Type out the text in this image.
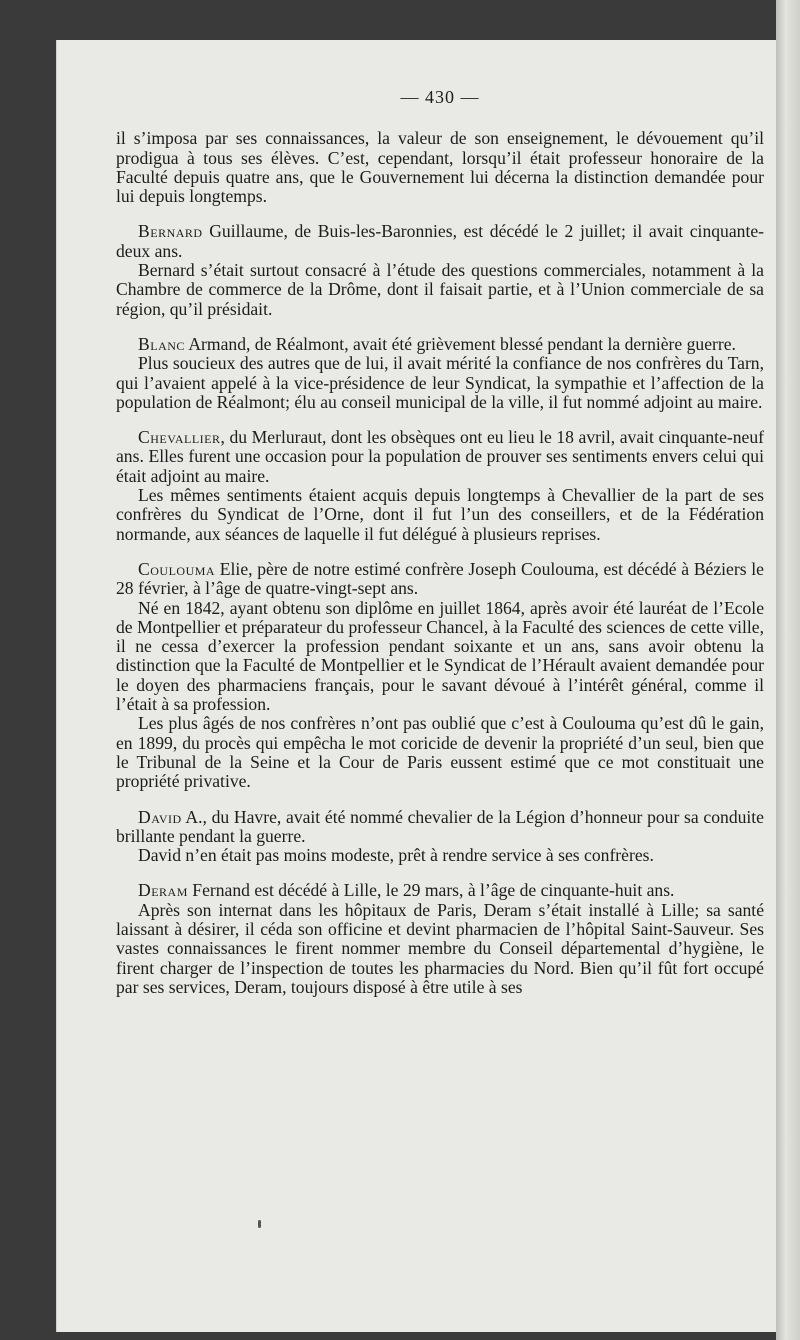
— 430 —

il s’imposa par ses connaissances, la valeur de son enseignement, le dévouement qu’il prodigua à tous ses élèves. C’est, cependant, lorsqu’il était professeur honoraire de la Faculté depuis quatre ans, que le Gouvernement lui décerna la distinction demandée pour lui depuis longtemps.

Bernard Guillaume, de Buis-les-Baronnies, est décédé le 2 juillet; il avait cinquante-deux ans.

Bernard s’était surtout consacré à l’étude des questions commerciales, notamment à la Chambre de commerce de la Drôme, dont il faisait partie, et à l’Union commerciale de sa région, qu’il présidait.

Blanc Armand, de Réalmont, avait été grièvement blessé pendant la dernière guerre.

Plus soucieux des autres que de lui, il avait mérité la confiance de nos confrères du Tarn, qui l’avaient appelé à la vice-présidence de leur Syndicat, la sympathie et l’affection de la population de Réalmont; élu au conseil municipal de la ville, il fut nommé adjoint au maire.

Chevallier, du Merluraut, dont les obsèques ont eu lieu le 18 avril, avait cinquante-neuf ans. Elles furent une occasion pour la population de prouver ses sentiments envers celui qui était adjoint au maire.

Les mêmes sentiments étaient acquis depuis longtemps à Chevallier de la part de ses confrères du Syndicat de l’Orne, dont il fut l’un des conseillers, et de la Fédération normande, aux séances de laquelle il fut délégué à plusieurs reprises.

Coulouma Elie, père de notre estimé confrère Joseph Coulouma, est décédé à Béziers le 28 février, à l’âge de quatre-vingt-sept ans.

Né en 1842, ayant obtenu son diplôme en juillet 1864, après avoir été lauréat de l’Ecole de Montpellier et préparateur du professeur Chancel, à la Faculté des sciences de cette ville, il ne cessa d’exercer la profession pendant soixante et un ans, sans avoir obtenu la distinction que la Faculté de Montpellier et le Syndicat de l’Hérault avaient demandée pour le doyen des pharmaciens français, pour le savant dévoué à l’intérêt général, comme il l’était à sa profession.

Les plus âgés de nos confrères n’ont pas oublié que c’est à Coulouma qu’est dû le gain, en 1899, du procès qui empêcha le mot coricide de devenir la propriété d’un seul, bien que le Tribunal de la Seine et la Cour de Paris eussent estimé que ce mot constituait une propriété privative.

David A., du Havre, avait été nommé chevalier de la Légion d’honneur pour sa conduite brillante pendant la guerre.

David n’en était pas moins modeste, prêt à rendre service à ses confrères.

Deram Fernand est décédé à Lille, le 29 mars, à l’âge de cinquante-huit ans.

Après son internat dans les hôpitaux de Paris, Deram s’était installé à Lille; sa santé laissant à désirer, il céda son officine et devint pharmacien de l’hôpital Saint-Sauveur. Ses vastes connaissances le firent nommer membre du Conseil départemental d’hygiène, le firent charger de l’inspection de toutes les pharmacies du Nord. Bien qu’il fût fort occupé par ses services, Deram, toujours disposé à être utile à ses
